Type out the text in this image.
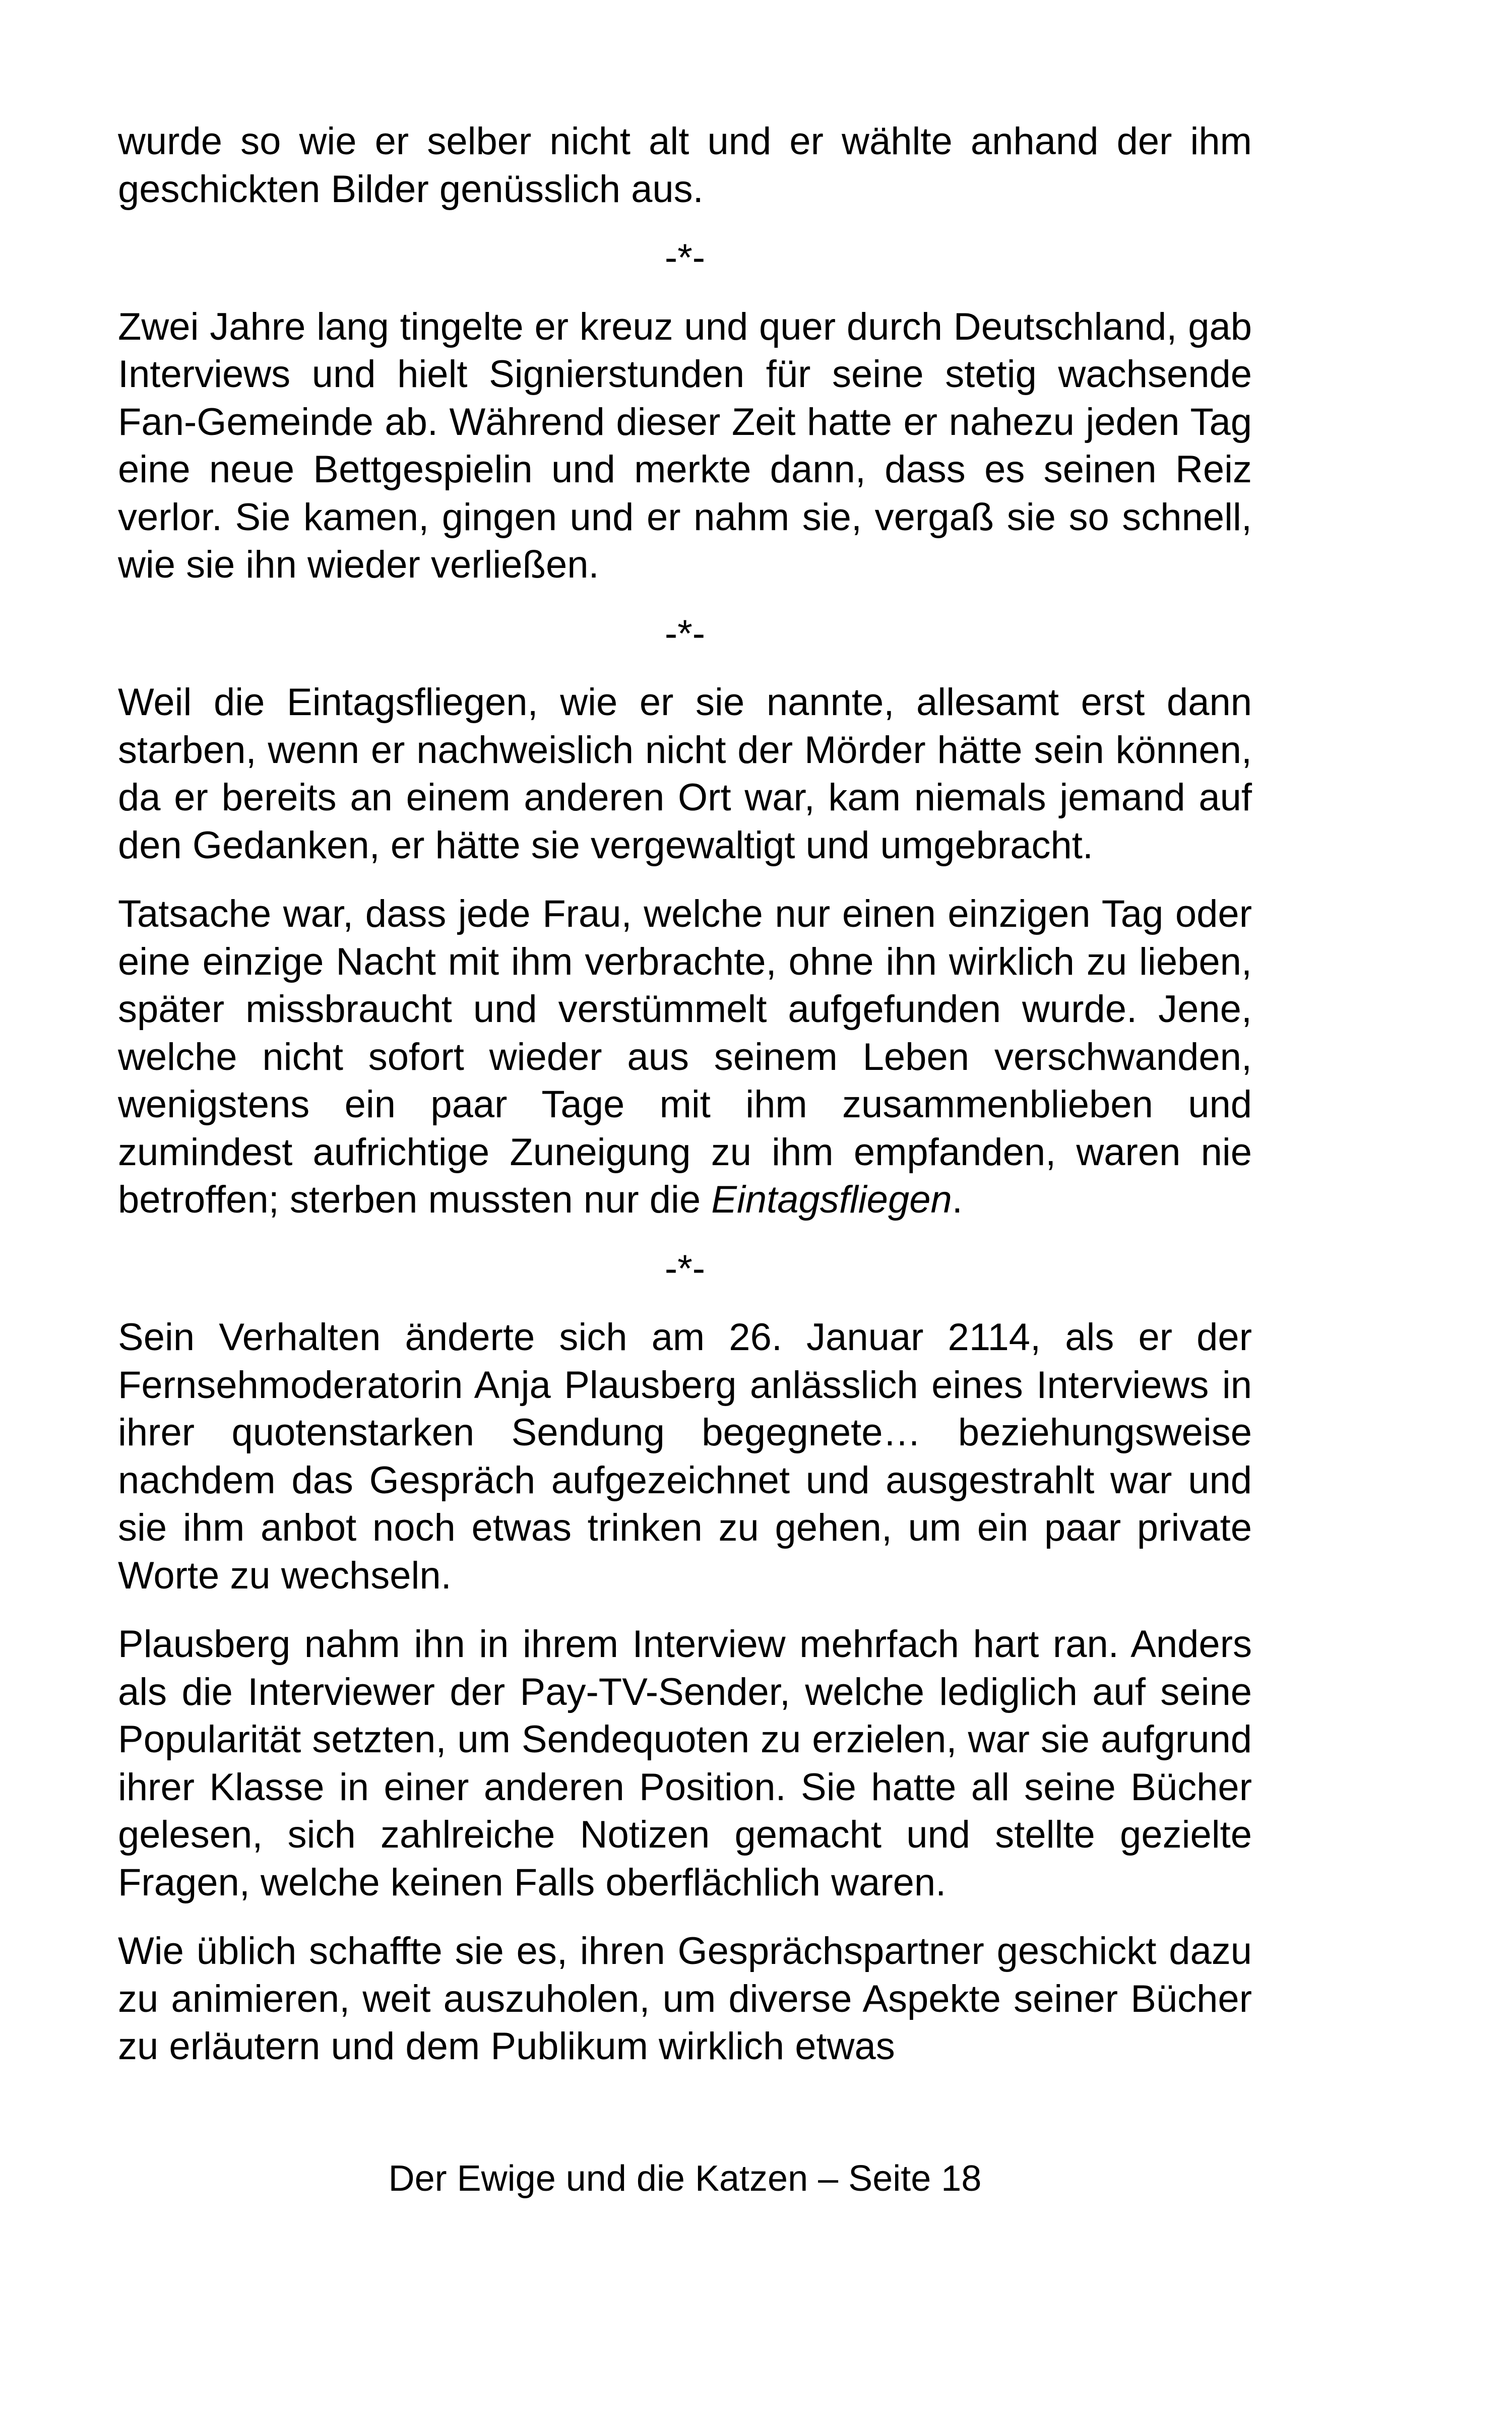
wurde so wie er selber nicht alt und er wählte anhand der ihm geschickten Bilder genüsslich aus.

-*-

Zwei Jahre lang tingelte er kreuz und quer durch Deutschland, gab Interviews und hielt Signierstunden für seine stetig wachsende Fan-Gemeinde ab. Während dieser Zeit hatte er nahezu jeden Tag eine neue Bettgespielin und merkte dann, dass es seinen Reiz verlor. Sie kamen, gingen und er nahm sie, vergaß sie so schnell, wie sie ihn wieder verließen.

-*-

Weil die Eintagsfliegen, wie er sie nannte, allesamt erst dann starben, wenn er nachweislich nicht der Mörder hätte sein können, da er bereits an einem anderen Ort war, kam niemals jemand auf den Gedanken, er hätte sie vergewaltigt und umgebracht.

Tatsache war, dass jede Frau, welche nur einen einzigen Tag oder eine einzige Nacht mit ihm verbrachte, ohne ihn wirklich zu lieben, später missbraucht und verstümmelt aufgefunden wurde. Jene, welche nicht sofort wieder aus seinem Leben verschwanden, wenigstens ein paar Tage mit ihm zusammenblieben und zumindest aufrichtige Zuneigung zu ihm empfanden, waren nie betroffen; sterben mussten nur die Eintagsfliegen.

-*-

Sein Verhalten änderte sich am 26. Januar 2114, als er der Fernsehmoderatorin Anja Plausberg anlässlich eines Interviews in ihrer quotenstarken Sendung begegnete… beziehungsweise nachdem das Gespräch aufgezeichnet und ausgestrahlt war und sie ihm anbot noch etwas trinken zu gehen, um ein paar private Worte zu wechseln.

Plausberg nahm ihn in ihrem Interview mehrfach hart ran. Anders als die Interviewer der Pay-TV-Sender, welche lediglich auf seine Popularität setzten, um Sendequoten zu erzielen, war sie aufgrund ihrer Klasse in einer anderen Position. Sie hatte all seine Bücher gelesen, sich zahlreiche Notizen gemacht und stellte gezielte Fragen, welche keinen Falls oberflächlich waren.

Wie üblich schaffte sie es, ihren Gesprächspartner geschickt dazu zu animieren, weit auszuholen, um diverse Aspekte seiner Bücher zu erläutern und dem Publikum wirklich etwas

Der Ewige und die Katzen – Seite 18
